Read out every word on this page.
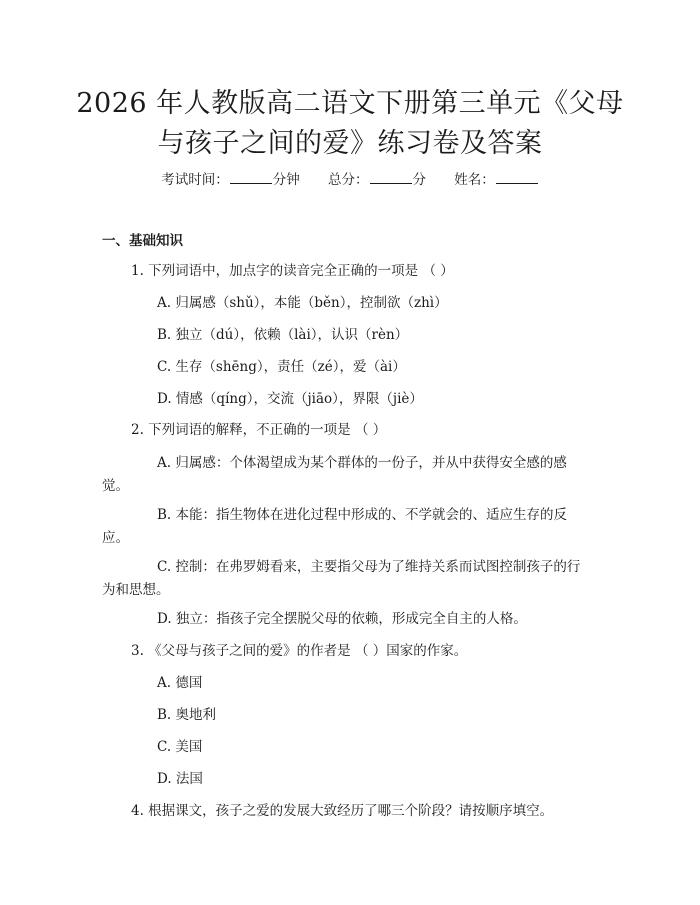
2026 年人教版高二语文下册第三单元《父母
与孩子之间的爱》练习卷及答案
考试时间：	分钟 总分：	分 姓名：
一、基础知识
1. 下列词语中，加点字的读音完全正确的一项是 （ ）
A. 归属感（shǔ），本能（běn），控制欲（zhì）
B. 独立（dú），依赖（lài），认识（rèn）
C. 生存（shēng），责任（zé），爱（ài）
D. 情感（qíng），交流（jiāo），界限（jiè）
2. 下列词语的解释，不正确的一项是 （ ）
A. 归属感：个体渴望成为某个群体的一份子，并从中获得安全感的感
觉。
B. 本能：指生物体在进化过程中形成的、不学就会的、适应生存的反
应。
C. 控制：在弗罗姆看来，主要指父母为了维持关系而试图控制孩子的行
为和思想。
D. 独立：指孩子完全摆脱父母的依赖，形成完全自主的人格。
3. 《父母与孩子之间的爱》的作者是 （ ）国家的作家。
A. 德国
B. 奥地利
C. 美国
D. 法国
4. 根据课文，孩子之爱的发展大致经历了哪三个阶段？请按顺序填空。
